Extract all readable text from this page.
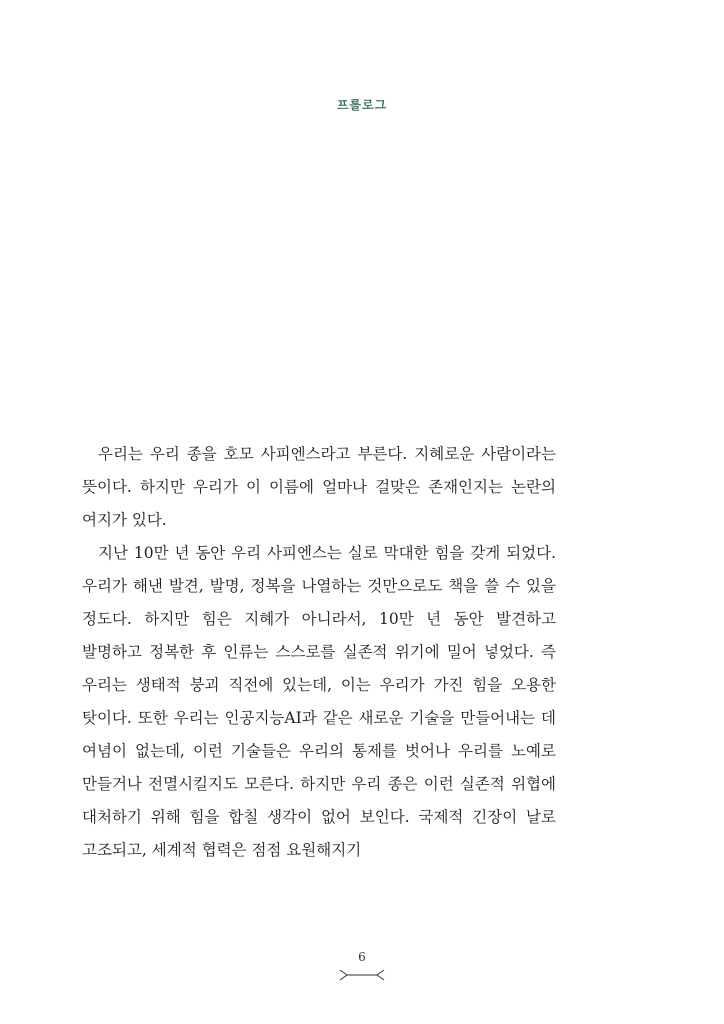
프롤로그

우리는 우리 종을 호모 사피엔스라고 부른다. 지혜로운 사람이라는 뜻이다. 하지만 우리가 이 이름에 얼마나 걸맞은 존재인지는 논란의 여지가 있다.

지난 10만 년 동안 우리 사피엔스는 실로 막대한 힘을 갖게 되었다. 우리가 해낸 발견, 발명, 정복을 나열하는 것만으로도 책을 쓸 수 있을 정도다. 하지만 힘은 지혜가 아니라서, 10만 년 동안 발견하고 발명하고 정복한 후 인류는 스스로를 실존적 위기에 밀어 넣었다. 즉 우리는 생태적 붕괴 직전에 있는데, 이는 우리가 가진 힘을 오용한 탓이다. 또한 우리는 인공지능AI과 같은 새로운 기술을 만들어내는 데 여념이 없는데, 이런 기술들은 우리의 통제를 벗어나 우리를 노예로 만들거나 전멸시킬지도 모른다. 하지만 우리 종은 이런 실존적 위협에 대처하기 위해 힘을 합칠 생각이 없어 보인다. 국제적 긴장이 날로 고조되고, 세계적 협력은 점점 요원해지기

6
